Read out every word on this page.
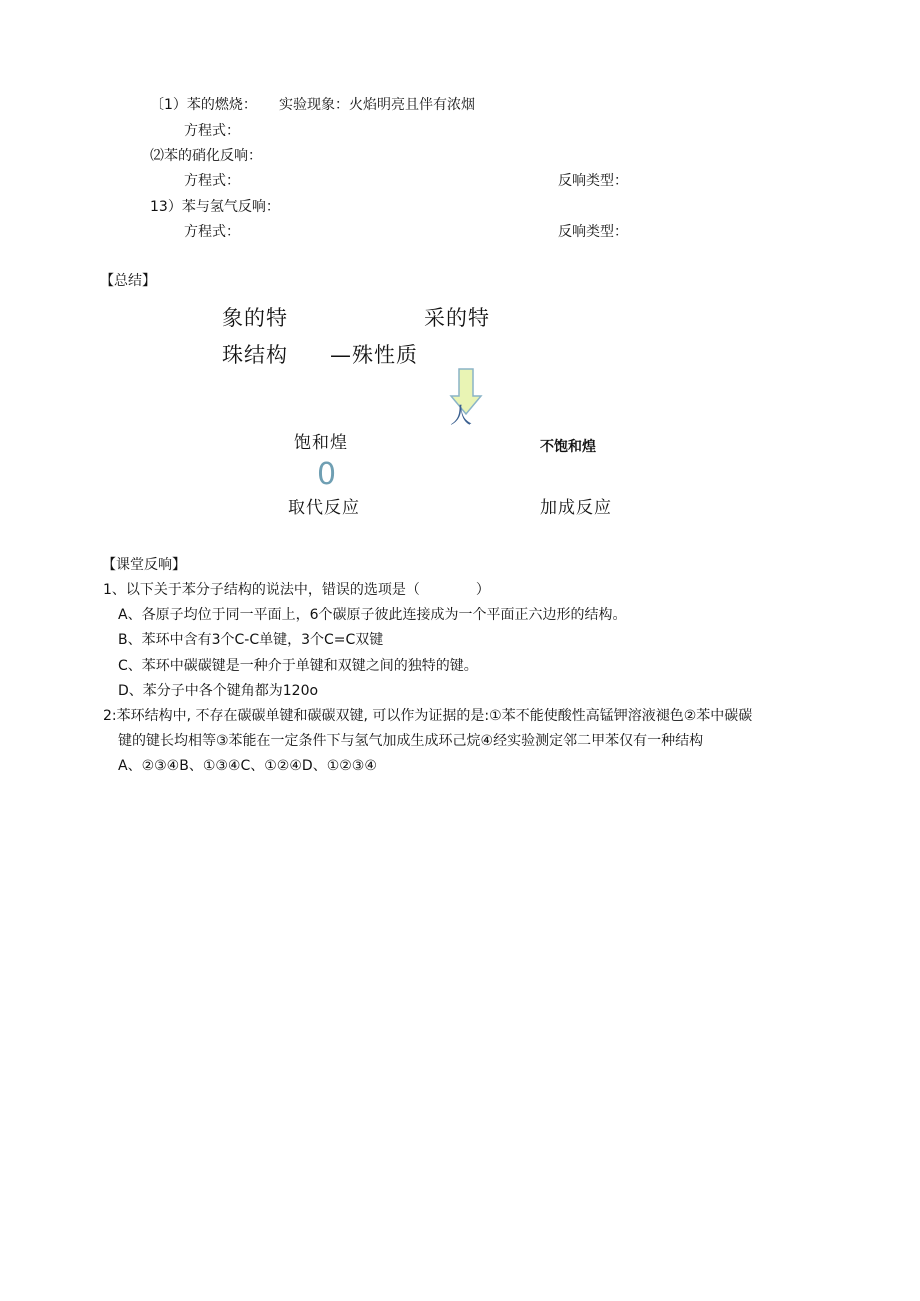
〔1）苯的燃烧： 实验现象：火焰明亮且伴有浓烟
方程式：
⑵苯的硝化反响：
方程式：	反响类型：
13）苯与氢气反响：
方程式：	反响类型：
【总结】
象的特	采的特
珠结构 —殊性质
人
饱和煌
0
不饱和煌
取代反应	加成反应
【课堂反响】
1、以下关于苯分子结构的说法中，错误的选项是（　　　　）
A、各原子均位于同一平面上，6个碳原子彼此连接成为一个平面正六边形的结构。
B、苯环中含有3个C-C单键，3个C=C双键
C、苯环中碳碳键是一种介于单键和双键之间的独特的键。
D、苯分子中各个键角都为120o
2:苯环结构中, 不存在碳碳单键和碳碳双键, 可以作为证据的是:①苯不能使酸性高锰钾溶液褪色②苯中碳碳
键的键长均相等③苯能在一定条件下与氢气加成生成环己烷④经实验测定邻二甲苯仅有一种结构
A、②③④B、①③④C、①②④D、①②③④
